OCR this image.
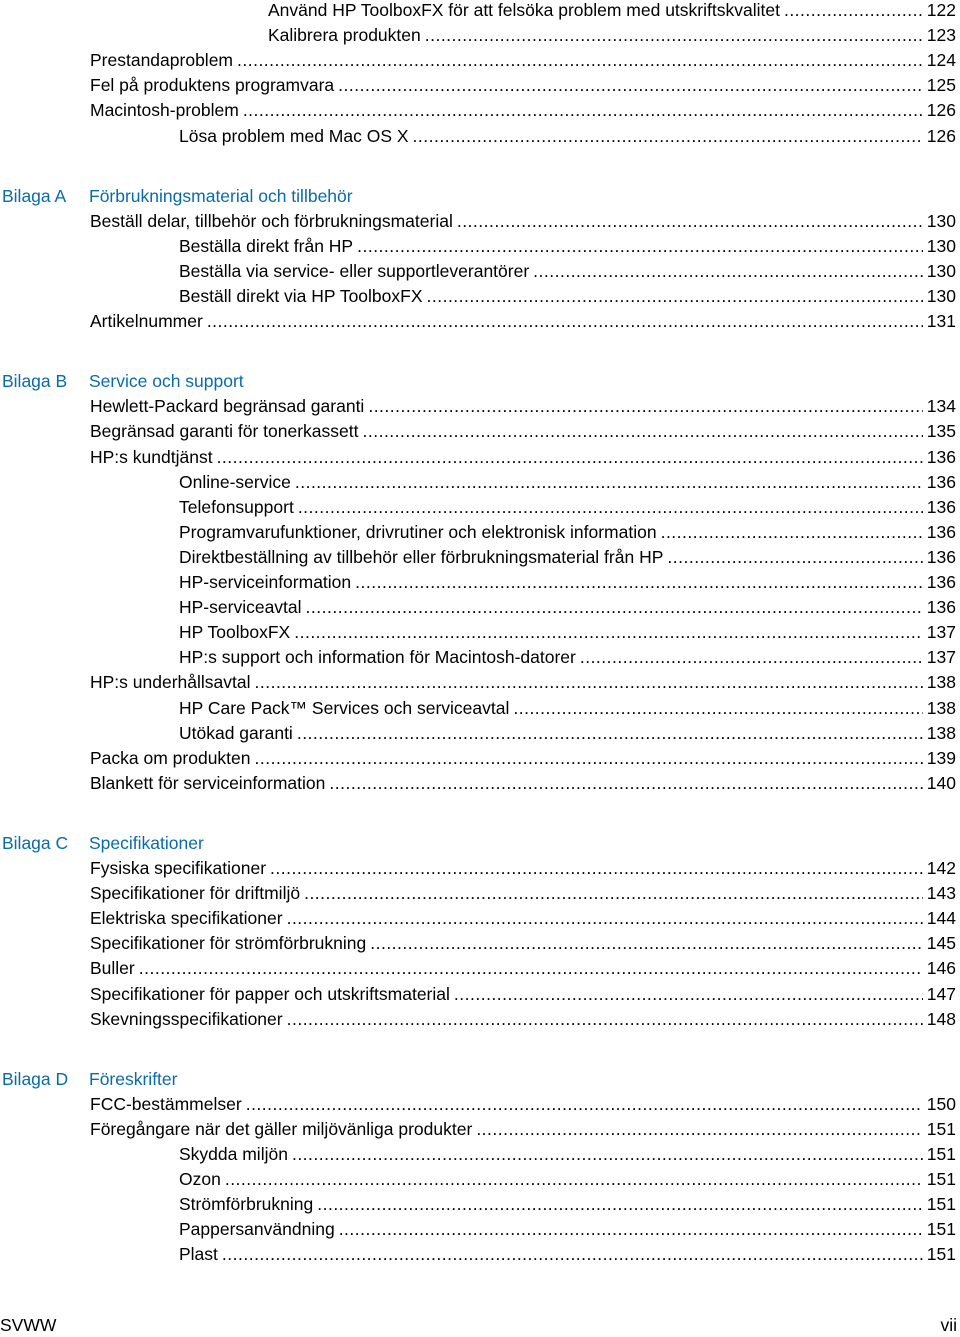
Använd HP ToolboxFX för att felsöka problem med utskriftskvalitet .....	122
Kalibrera produkten .....	123
Prestandaproblem .....	124
Fel på produktens programvara .....	125
Macintosh-problem .....	126
Lösa problem med Mac OS X .....	126
Bilaga A Förbrukningsmaterial och tillbehör
Beställ delar, tillbehör och förbrukningsmaterial .....	130
Beställa direkt från HP .....	130
Beställa via service- eller supportleverantörer .....	130
Beställ direkt via HP ToolboxFX .....	130
Artikelnummer .....	131
Bilaga B Service och support
Hewlett-Packard begränsad garanti .....	134
Begränsad garanti för tonerkassett .....	135
HP:s kundtjänst .....	136
Online-service .....	136
Telefonsupport .....	136
Programvarufunktioner, drivrutiner och elektronisk information .....	136
Direktbeställning av tillbehör eller förbrukningsmaterial från HP .....	136
HP-serviceinformation .....	136
HP-serviceavtal .....	136
HP ToolboxFX .....	137
HP:s support och information för Macintosh-datorer .....	137
HP:s underhållsavtal .....	138
HP Care Pack™ Services och serviceavtal .....	138
Utökad garanti .....	138
Packa om produkten .....	139
Blankett för serviceinformation .....	140
Bilaga C Specifikationer
Fysiska specifikationer .....	142
Specifikationer för driftmiljö .....	143
Elektriska specifikationer .....	144
Specifikationer för strömförbrukning .....	145
Buller .....	146
Specifikationer för papper och utskriftsmaterial .....	147
Skevningsspecifikationer .....	148
Bilaga D Föreskrifter
FCC-bestämmelser .....	150
Föregångare när det gäller miljövänliga produkter .....	151
Skydda miljön .....	151
Ozon .....	151
Strömförbrukning .....	151
Pappersanvändning .....	151
Plast .....	151
SVWW	vii
